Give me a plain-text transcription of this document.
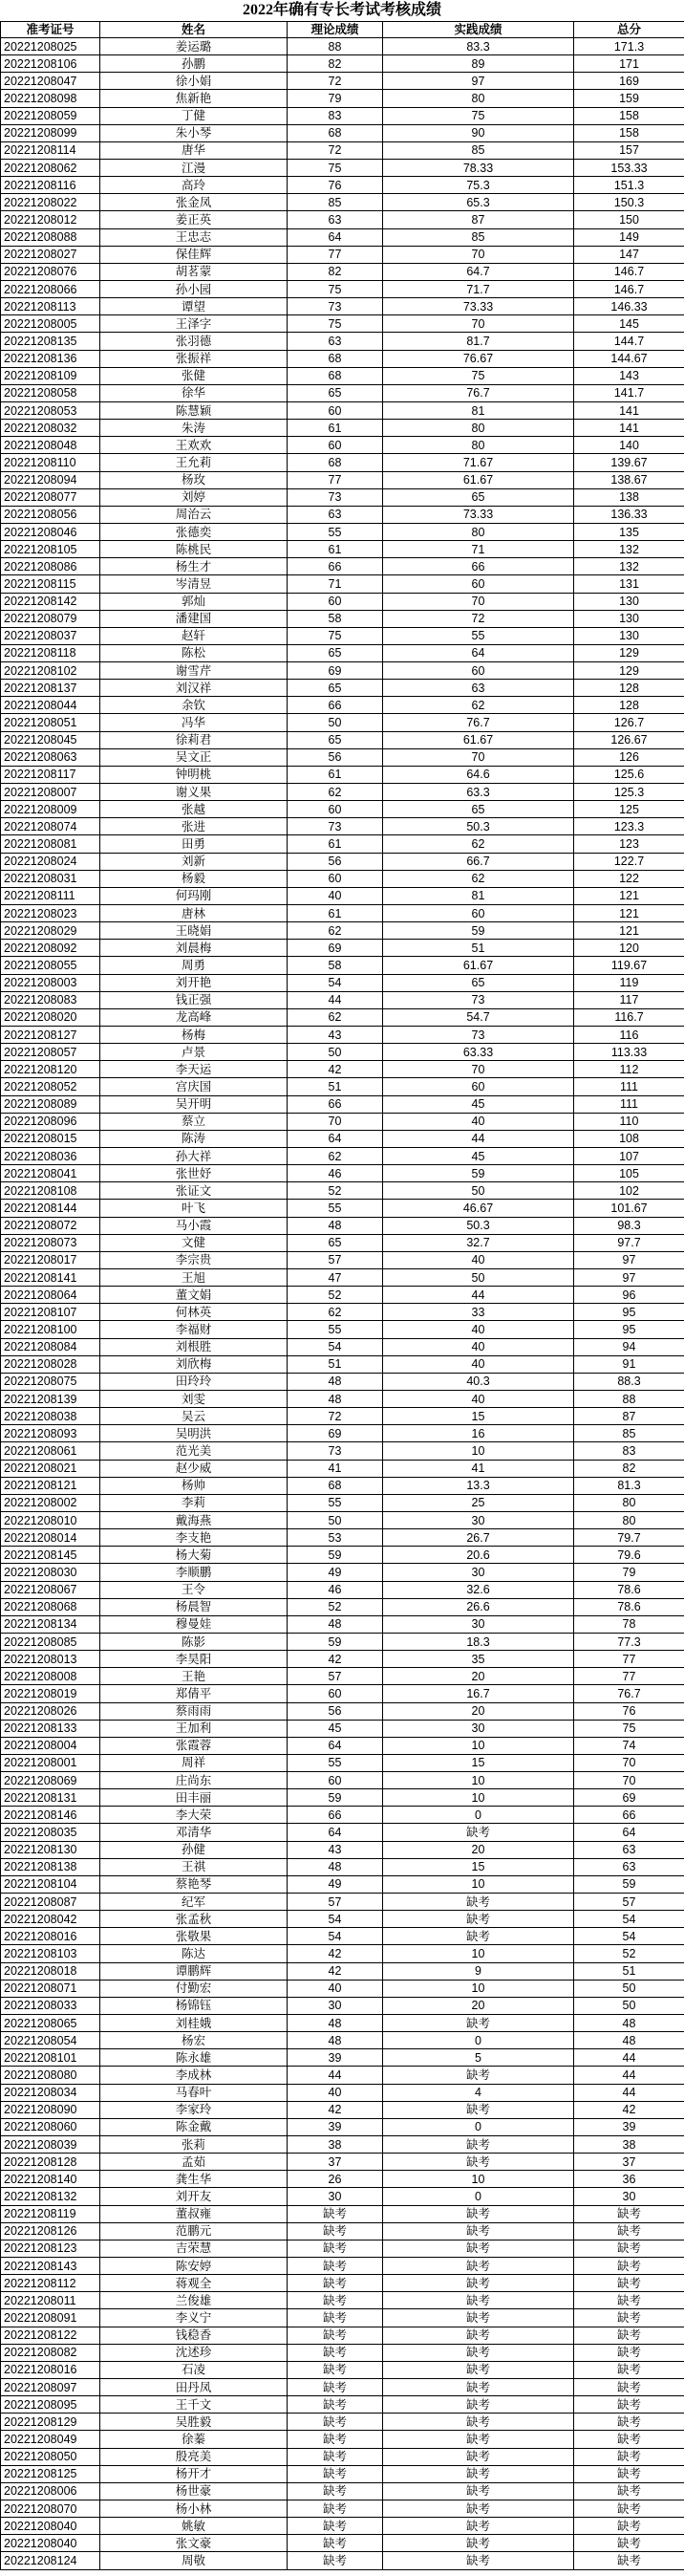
2022年确有专长考试考核成绩
准考证号	姓名	理论成绩	实践成绩	总分
20221208025	姜运璐	88	83.3	171.3
20221208106	孙鹏	82	89	171
20221208047	徐小娟	72	97	169
20221208098	焦新艳	79	80	159
20221208059	丁健	83	75	158
20221208099	朱小琴	68	90	158
20221208114	唐华	72	85	157
20221208062	江漫	75	78.33	153.33
20221208116	高玲	76	75.3	151.3
20221208022	张金凤	85	65.3	150.3
20221208012	姜正英	63	87	150
20221208088	王忠志	64	85	149
20221208027	保佳辉	77	70	147
20221208076	胡茗蒙	82	64.7	146.7
20221208066	孙小园	75	71.7	146.7
20221208113	谭望	73	73.33	146.33
20221208005	王泽字	75	70	145
20221208135	张羽德	63	81.7	144.7
20221208136	张振祥	68	76.67	144.67
20221208109	张健	68	75	143
20221208058	徐华	65	76.7	141.7
20221208053	陈慧颖	60	81	141
20221208032	朱涛	61	80	141
20221208048	王欢欢	60	80	140
20221208110	王允莉	68	71.67	139.67
20221208094	杨玫	77	61.67	138.67
20221208077	刘婷	73	65	138
20221208056	周治云	63	73.33	136.33
20221208046	张德奕	55	80	135
20221208105	陈桃民	61	71	132
20221208086	杨生才	66	66	132
20221208115	岑清昱	71	60	131
20221208142	郭灿	60	70	130
20221208079	潘建国	58	72	130
20221208037	赵轩	75	55	130
20221208118	陈松	65	64	129
20221208102	谢雪芹	69	60	129
20221208137	刘汉祥	65	63	128
20221208044	余钦	66	62	128
20221208051	冯华	50	76.7	126.7
20221208045	徐莉君	65	61.67	126.67
20221208063	吴文正	56	70	126
20221208117	钟明桃	61	64.6	125.6
20221208007	谢义果	62	63.3	125.3
20221208009	张越	60	65	125
20221208074	张进	73	50.3	123.3
20221208081	田勇	61	62	123
20221208024	刘新	56	66.7	122.7
20221208031	杨毅	60	62	122
20221208111	何玛刚	40	81	121
20221208023	唐林	61	60	121
20221208029	王晓娟	62	59	121
20221208092	刘晨梅	69	51	120
20221208055	周勇	58	61.67	119.67
20221208003	刘开艳	54	65	119
20221208083	钱正强	44	73	117
20221208020	龙高峰	62	54.7	116.7
20221208127	杨梅	43	73	116
20221208057	卢景	50	63.33	113.33
20221208120	李天运	42	70	112
20221208052	宫庆国	51	60	111
20221208089	吴开明	66	45	111
20221208096	蔡立	70	40	110
20221208015	陈涛	64	44	108
20221208036	孙大祥	62	45	107
20221208041	张世妤	46	59	105
20221208108	张证文	52	50	102
20221208144	叶飞	55	46.67	101.67
20221208072	马小霞	48	50.3	98.3
20221208073	文健	65	32.7	97.7
20221208017	李宗贵	57	40	97
20221208141	王旭	47	50	97
20221208064	董文娟	52	44	96
20221208107	何林英	62	33	95
20221208100	李福财	55	40	95
20221208084	刘根胜	54	40	94
20221208028	刘欣梅	51	40	91
20221208075	田玲玲	48	40.3	88.3
20221208139	刘雯	48	40	88
20221208038	吴云	72	15	87
20221208093	吴明洪	69	16	85
20221208061	范光美	73	10	83
20221208021	赵少威	41	41	82
20221208121	杨帅	68	13.3	81.3
20221208002	李莉	55	25	80
20221208010	戴海燕	50	30	80
20221208014	李支艳	53	26.7	79.7
20221208145	杨大菊	59	20.6	79.6
20221208030	李顺鹏	49	30	79
20221208067	王令	46	32.6	78.6
20221208068	杨晨智	52	26.6	78.6
20221208134	穆曼娃	48	30	78
20221208085	陈影	59	18.3	77.3
20221208013	李昊阳	42	35	77
20221208008	王艳	57	20	77
20221208019	郑倩平	60	16.7	76.7
20221208026	蔡雨雨	56	20	76
20221208133	王加利	45	30	75
20221208004	张霞蓉	64	10	74
20221208001	周祥	55	15	70
20221208069	庄尚东	60	10	70
20221208131	田丰丽	59	10	69
20221208146	李大荣	66	0	66
20221208035	邓清华	64	缺考	64
20221208130	孙健	43	20	63
20221208138	王祺	48	15	63
20221208104	蔡艳琴	49	10	59
20221208087	纪军	57	缺考	57
20221208042	张孟秋	54	缺考	54
20221208016	张敬果	54	缺考	54
20221208103	陈达	42	10	52
20221208018	谭鹏辉	42	9	51
20221208071	付勤宏	40	10	50
20221208033	杨锦钰	30	20	50
20221208065	刘桂娥	48	缺考	48
20221208054	杨宏	48	0	48
20221208101	陈永雄	39	5	44
20221208080	李成林	44	缺考	44
20221208034	马春叶	40	4	44
20221208090	李家玲	42	缺考	42
20221208060	陈金戴	39	0	39
20221208039	张莉	38	缺考	38
20221208128	孟茹	37	缺考	37
20221208140	龚生华	26	10	36
20221208132	刘开友	30	0	30
20221208119	董叔雍	缺考	缺考	缺考
20221208126	范鹏元	缺考	缺考	缺考
20221208123	吉荣慧	缺考	缺考	缺考
20221208143	陈安婷	缺考	缺考	缺考
20221208112	蒋观全	缺考	缺考	缺考
20221208011	兰俊雄	缺考	缺考	缺考
20221208091	李义宁	缺考	缺考	缺考
20221208122	钱稳香	缺考	缺考	缺考
20221208082	沈述珍	缺考	缺考	缺考
20221208016	石凌	缺考	缺考	缺考
20221208097	田丹凤	缺考	缺考	缺考
20221208095	王千文	缺考	缺考	缺考
20221208129	吴胜毅	缺考	缺考	缺考
20221208049	徐蓁	缺考	缺考	缺考
20221208050	殷亮美	缺考	缺考	缺考
20221208125	杨开才	缺考	缺考	缺考
20221208006	杨世豪	缺考	缺考	缺考
20221208070	杨小林	缺考	缺考	缺考
20221208040	姚敏	缺考	缺考	缺考
20221208040	张文豪	缺考	缺考	缺考
20221208124	周敬	缺考	缺考	缺考
